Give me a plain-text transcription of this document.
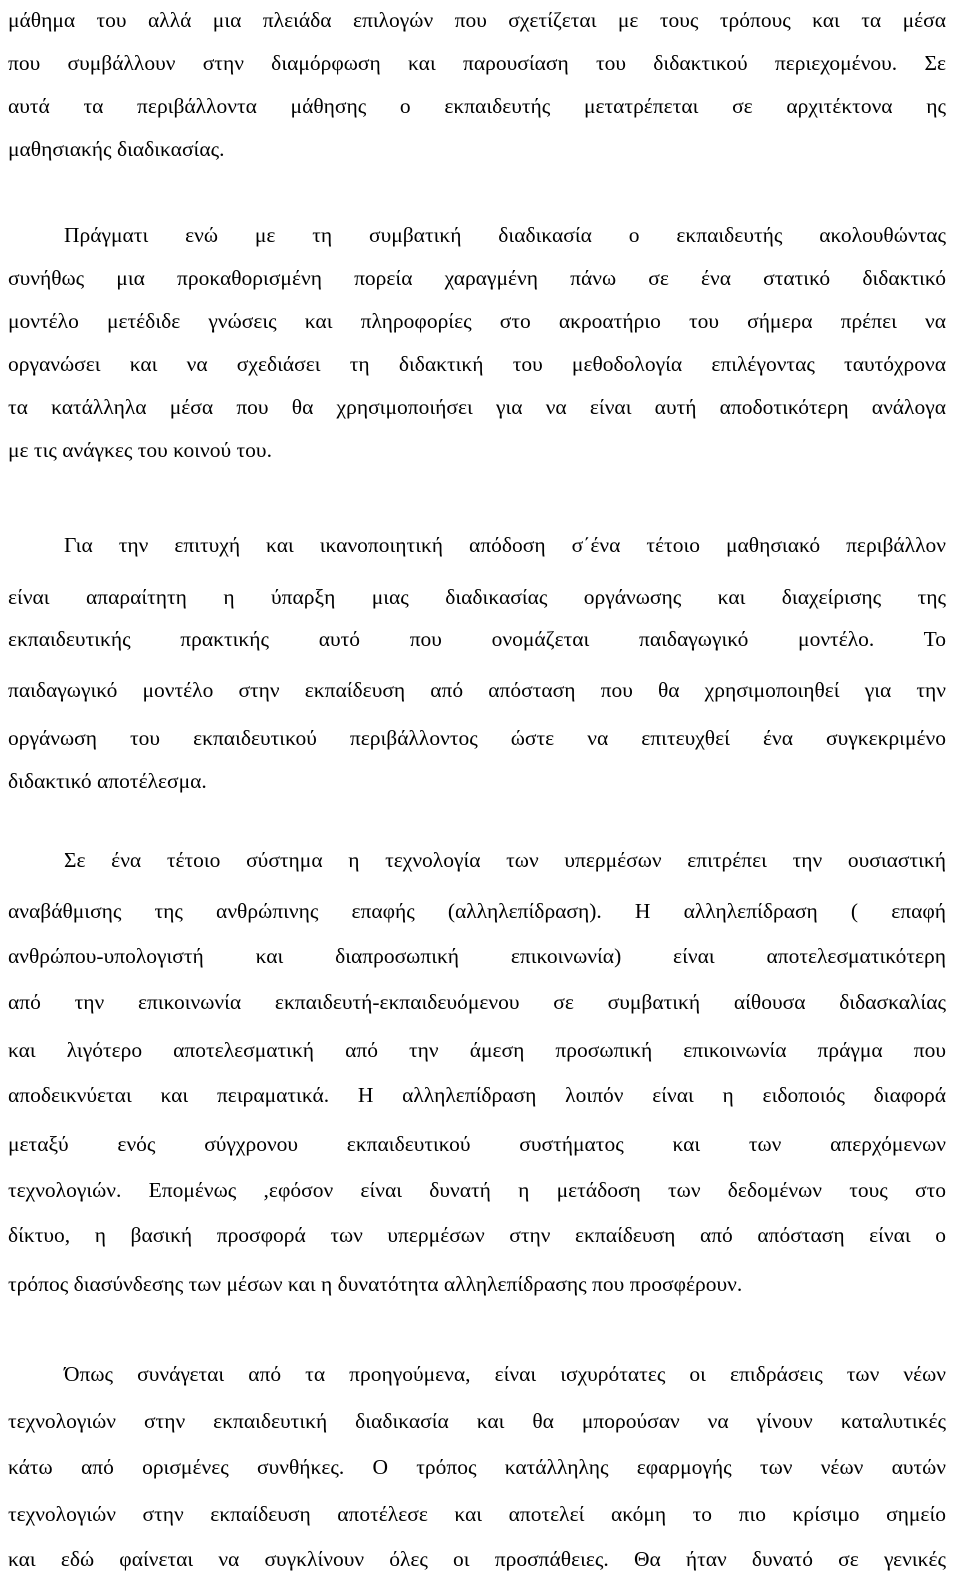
μάθημα του αλλά μια πλειάδα επιλογών που σχετίζεται με τους τρόπους και τα μέσα
που συμβάλλουν στην διαμόρφωση και παρουσίαση του διδακτικού περιεχομένου. Σε
αυτά τα περιβάλλοντα μάθησης ο εκπαιδευτής μετατρέπεται σε αρχιτέκτονα ης
μαθησιακής διαδικασίας.
Πράγματι ενώ με τη συμβατική διαδικασία ο εκπαιδευτής ακολουθώντας
συνήθως μια προκαθορισμένη πορεία χαραγμένη πάνω σε ένα στατικό διδακτικό
μοντέλο μετέδιδε γνώσεις και πληροφορίες στο ακροατήριο του σήμερα πρέπει να
οργανώσει και να σχεδιάσει τη διδακτική του μεθοδολογία επιλέγοντας ταυτόχρονα
τα κατάλληλα μέσα που θα χρησιμοποιήσει για να είναι αυτή αποδοτικότερη ανάλογα
με τις ανάγκες του κοινού του.
Για την επιτυχή και ικανοποιητική απόδοση σ΄ένα τέτοιο μαθησιακό περιβάλλον
είναι απαραίτητη η ύπαρξη μιας διαδικασίας οργάνωσης και διαχείρισης της
εκπαιδευτικής πρακτικής αυτό που ονομάζεται παιδαγωγικό μοντέλο. Το
παιδαγωγικό μοντέλο στην εκπαίδευση από απόσταση που θα χρησιμοποιηθεί για την
οργάνωση του εκπαιδευτικού περιβάλλοντος ώστε να επιτευχθεί ένα συγκεκριμένο
διδακτικό αποτέλεσμα.
Σε ένα τέτοιο σύστημα η τεχνολογία των υπερμέσων επιτρέπει την ουσιαστική
αναβάθμισης της ανθρώπινης επαφής (αλληλεπίδραση). Η αλληλεπίδραση ( επαφή
ανθρώπου-υπολογιστή και διαπροσωπική επικοινωνία) είναι αποτελεσματικότερη
από την επικοινωνία εκπαιδευτή-εκπαιδευόμενου σε συμβατική αίθουσα διδασκαλίας
και λιγότερο αποτελεσματική από την άμεση προσωπική επικοινωνία πράγμα που
αποδεικνύεται και πειραματικά. Η αλληλεπίδραση λοιπόν είναι η ειδοποιός διαφορά
μεταξύ ενός σύγχρονου εκπαιδευτικού συστήματος και των απερχόμενων
τεχνολογιών. Επομένως ,εφόσον είναι δυνατή η μετάδοση των δεδομένων τους στο
δίκτυο, η βασική προσφορά των υπερμέσων στην εκπαίδευση από απόσταση είναι ο
τρόπος διασύνδεσης των μέσων και η δυνατότητα αλληλεπίδρασης που προσφέρουν.
Όπως συνάγεται από τα προηγούμενα, είναι ισχυρότατες οι επιδράσεις των νέων
τεχνολογιών στην εκπαιδευτική διαδικασία και θα μπορούσαν να γίνουν καταλυτικές
κάτω από ορισμένες συνθήκες. Ο τρόπος κατάλληλης εφαρμογής των νέων αυτών
τεχνολογιών στην εκπαίδευση αποτέλεσε και αποτελεί ακόμη το πιο κρίσιμο σημείο
και εδώ φαίνεται να συγκλίνουν όλες οι προσπάθειες. Θα ήταν δυνατό σε γενικές
